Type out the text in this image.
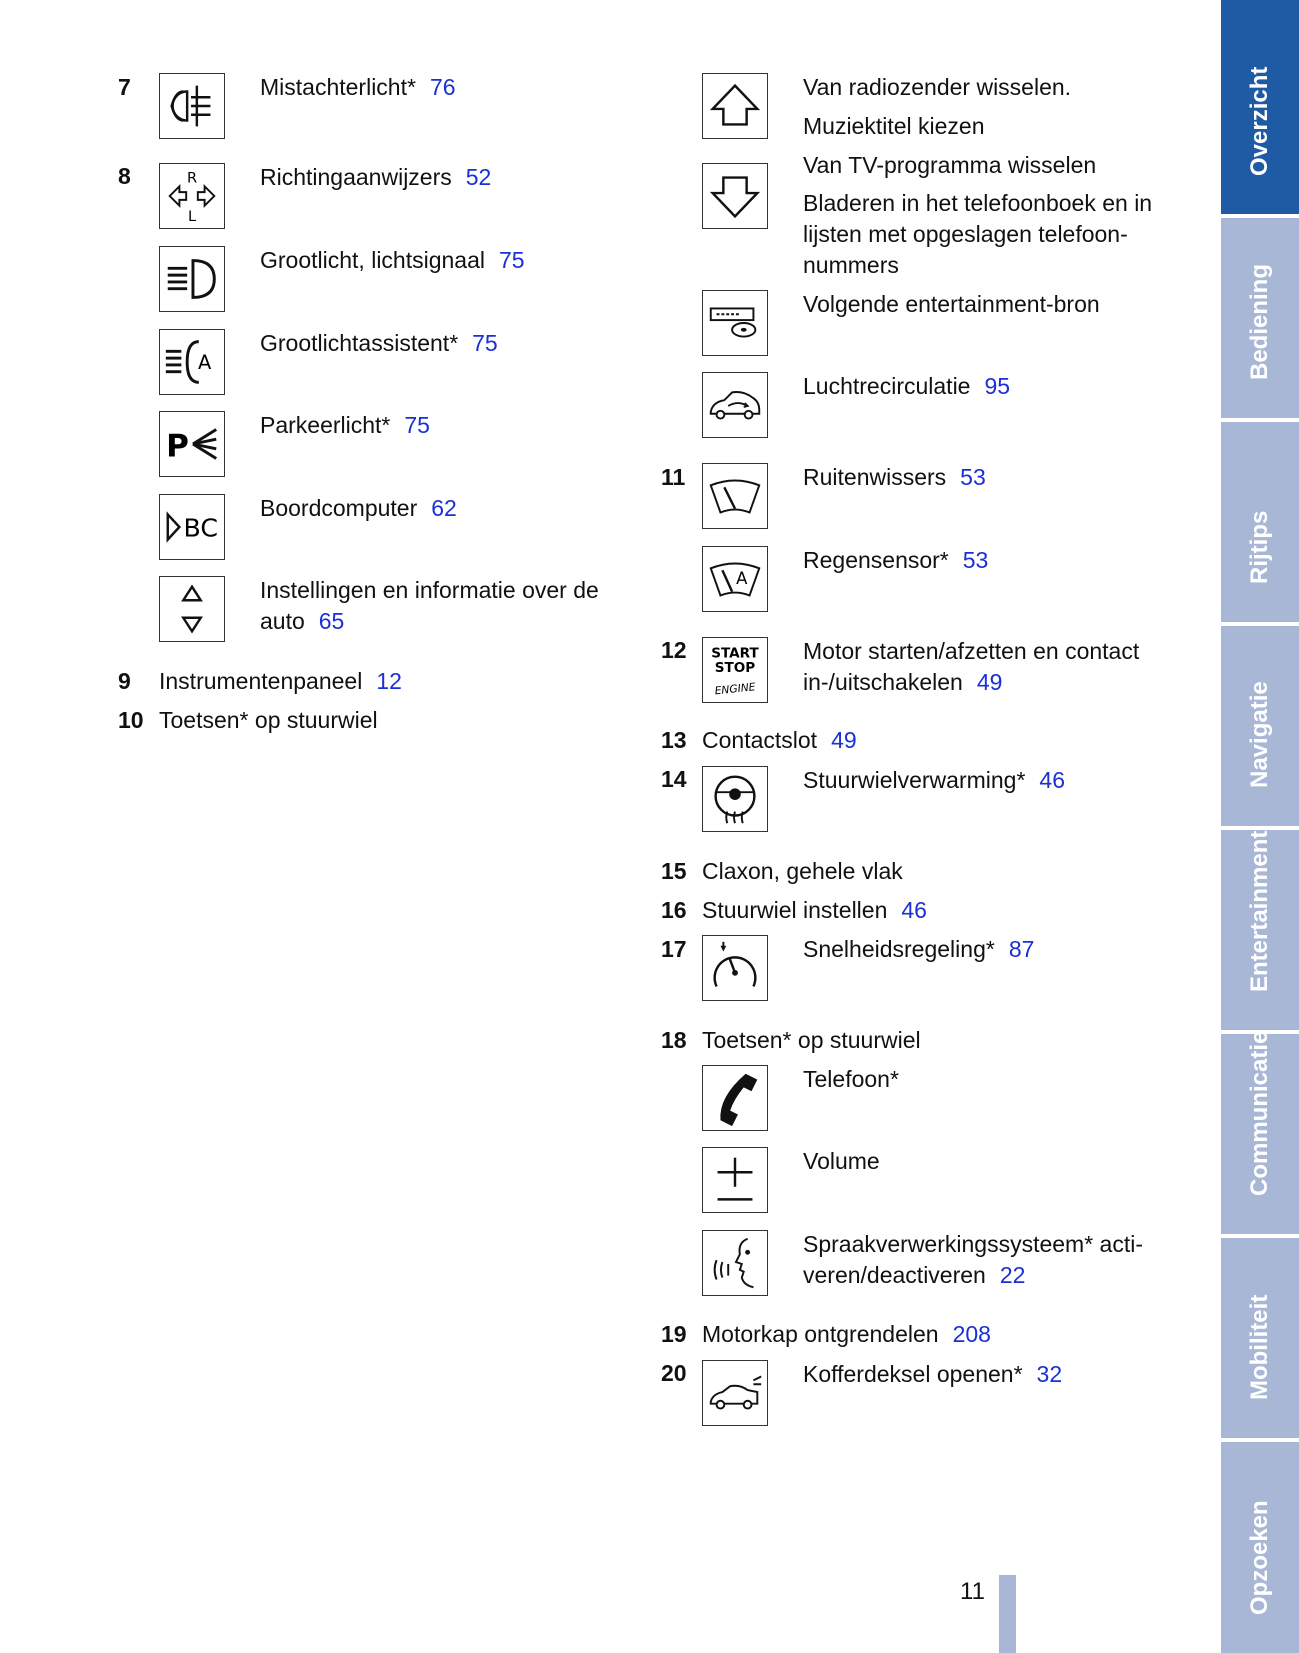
7	Mistachterlicht* 76
8	R
L
Richtingaanwijzers 52
Grootlicht, lichtsignaal 75
A
Grootlichtassistent* 75
P
Parkeerlicht* 75
BC
Boordcomputer 62
Instellingen en informatie over de
auto 65
9 Instrumentenpaneel 12
10 Toetsen* op stuurwiel
Van radiozender wisselen.
Muziektitel kiezen
Van TV-programma wisselen
Bladeren in het telefoonboek en in
lijsten met opgeslagen telefoon-
nummers
Volgende entertainment-bron
Luchtrecirculatie 95
11	Ruitenwissers 53
A
Regensensor* 53
12 START
STOP
ENGINE
Motor starten/afzetten en contact
in-/uitschakelen 49
13 Contactslot 49
14	Stuurwielverwarming* 46
15 Claxon, gehele vlak
16 Stuurwiel instellen 46
17	Snelheidsregeling* 87
18 Toetsen* op stuurwiel
Telefoon*
Volume
Spraakverwerkingssysteem* acti-
veren/deactiveren 22
19 Motorkap ontgrendelen 208
20	Kofferdeksel openen* 32
Overzicht
Bediening
Rijtips
Navigatie
Entertainment
Communicatie
Mobiliteit
Opzoeken
11
